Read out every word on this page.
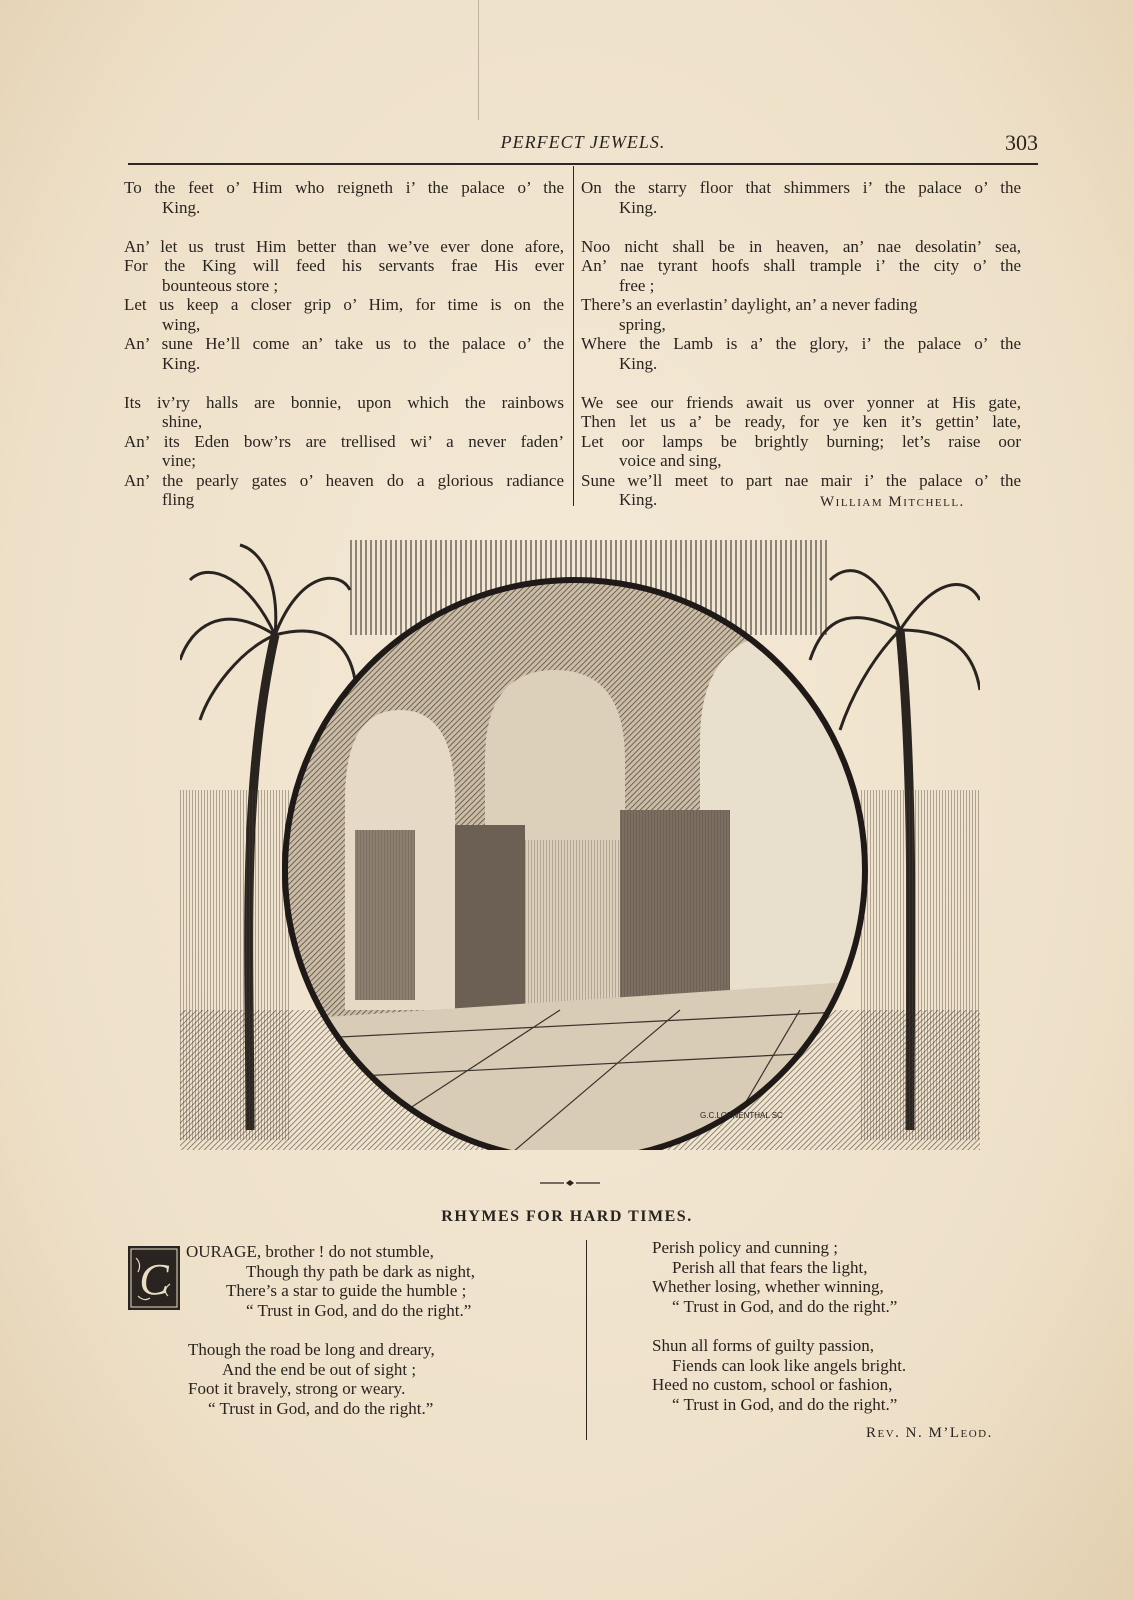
PERFECT JEWELS.	303
To the feet o’ Him who reigneth i’ the palace o’ the
King.
An’ let us trust Him better than we’ve ever done afore,
For the King will feed his servants frae His ever
bounteous store ;
Let us keep a closer grip o’ Him, for time is on the
wing,
An’ sune He’ll come an’ take us to the palace o’ the
King.
Its iv’ry halls are bonnie, upon which the rainbows
shine,
An’ its Eden bow’rs are trellised wi’ a never faden’
vine;
An’ the pearly gates o’ heaven do a glorious radiance
fling
On the starry floor that shimmers i’ the palace o’ the
King.
Noo nicht shall be in heaven, an’ nae desolatin’ sea,
An’ nae tyrant hoofs shall trample i’ the city o’ the
free ;
There’s an everlastin’ daylight, an’ a never fading
spring,
Where the Lamb is a’ the glory, i’ the palace o’ the
King.
We see our friends await us over yonner at His gate,
Then let us a’ be ready, for ye ken it’s gettin’ late,
Let oor lamps be brightly burning; let’s raise oor
voice and sing,
Sune we’ll meet to part nae mair i’ the palace o’ the
King.	William Mitchell.
G.C.LOENENTHAL SC
RHYMES FOR HARD TIMES.
C
OURAGE, brother ! do not stumble,
Though thy path be dark as night,
There’s a star to guide the humble ;
“ Trust in God, and do the right.”
Though the road be long and dreary,
And the end be out of sight ;
Foot it bravely, strong or weary.
“ Trust in God, and do the right.”
Perish policy and cunning ;
Perish all that fears the light,
Whether losing, whether winning,
“ Trust in God, and do the right.”
Shun all forms of guilty passion,
Fiends can look like angels bright.
Heed no custom, school or fashion,
“ Trust in God, and do the right.”
Rev. N. M’Leod.
